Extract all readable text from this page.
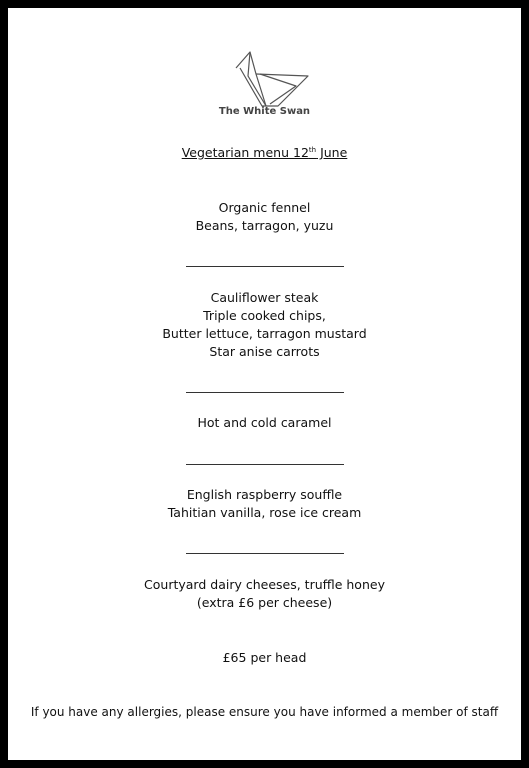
The White Swan
Vegetarian menu 12th June
Organic fennel
Beans, tarragon, yuzu
Cauliflower steak
Triple cooked chips,
Butter lettuce, tarragon mustard
Star anise carrots
Hot and cold caramel
English raspberry souffle
Tahitian vanilla, rose ice cream
Courtyard dairy cheeses, truffle honey
(extra £6 per cheese)
£65 per head
If you have any allergies, please ensure you have informed a member of staff
